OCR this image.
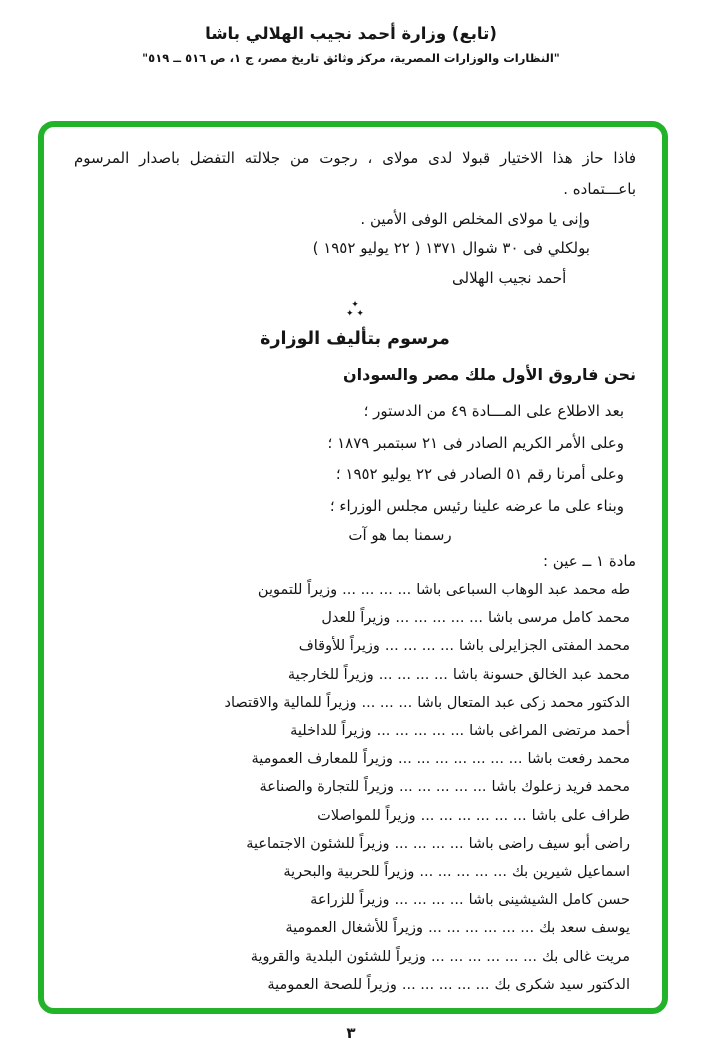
(تابع) وزارة أحمد نجيب الهلالي باشا
"النظارات والوزارات المصرية، مركز وثائق تاريخ مصر، ج ١، ص ٥١٦ ــ ٥١٩"
فاذا حاز هذا الاختيار قبولا لدى مولاى ، رجوت من جلالته التفضل باصدار المرسوم
باعـــتماده .
وإنى يا مولاى المخلص الوفى الأمين .
بولكلي فى ٣٠ شوال ١٣٧١ ( ٢٢ يوليو ١٩٥٢ )
أحمد نجيب الهلالى
✦
✦ ✦
مرسوم بتأليف الوزارة
نحن فاروق الأول ملك مصر والسودان
بعد الاطلاع على المـــادة ٤٩ من الدستور ؛
وعلى الأمر الكريم الصادر فى ٢١ سبتمبر ١٨٧٩ ؛
وعلى أمرنا رقم ٥١ الصادر فى ٢٢ يوليو ١٩٥٢ ؛
وبناء على ما عرضه علينا رئيس مجلس الوزراء ؛
رسمنا بما هو آت
مادة ١ ــ عين :
طه محمد عبد الوهاب السباعى باشا... ... ... ...وزيراً للتموين
محمد كامل مرسى باشا... ... ... ... ...وزيراً للعدل
محمد المفتى الجزايرلى باشا... ... ... ...وزيراً للأوقاف
محمد عبد الخالق حسونة باشا... ... ... ...وزيراً للخارجية
الدكتور محمد زكى عبد المتعال باشا... ... ...وزيراً للمالية والاقتصاد
أحمد مرتضى المراغى باشا... ... ... ... ...وزيراً للداخلية
محمد رفعت باشا... ... ... ... ... ... ...وزيراً للمعارف العمومية
محمد فريد زعلوك باشا... ... ... ... ...وزيراً للتجارة والصناعة
طراف على باشا... ... ... ... ... ...وزيراً للمواصلات
راضى أبو سيف راضى باشا... ... ... ...وزيراً للشئون الاجتماعية
اسماعيل شيرين بك... ... ... ... ...وزيراً للحربية والبحرية
حسن كامل الشيشينى باشا... ... ... ...وزيراً للزراعة
يوسف سعد بك... ... ... ... ... ...وزيراً للأشغال العمومية
مريت غالى بك... ... ... ... ... ...وزيراً للشئون البلدية والقروية
الدكتور سيد شكرى بك... ... ... ... ...وزيراً للصحة العمومية
٣
